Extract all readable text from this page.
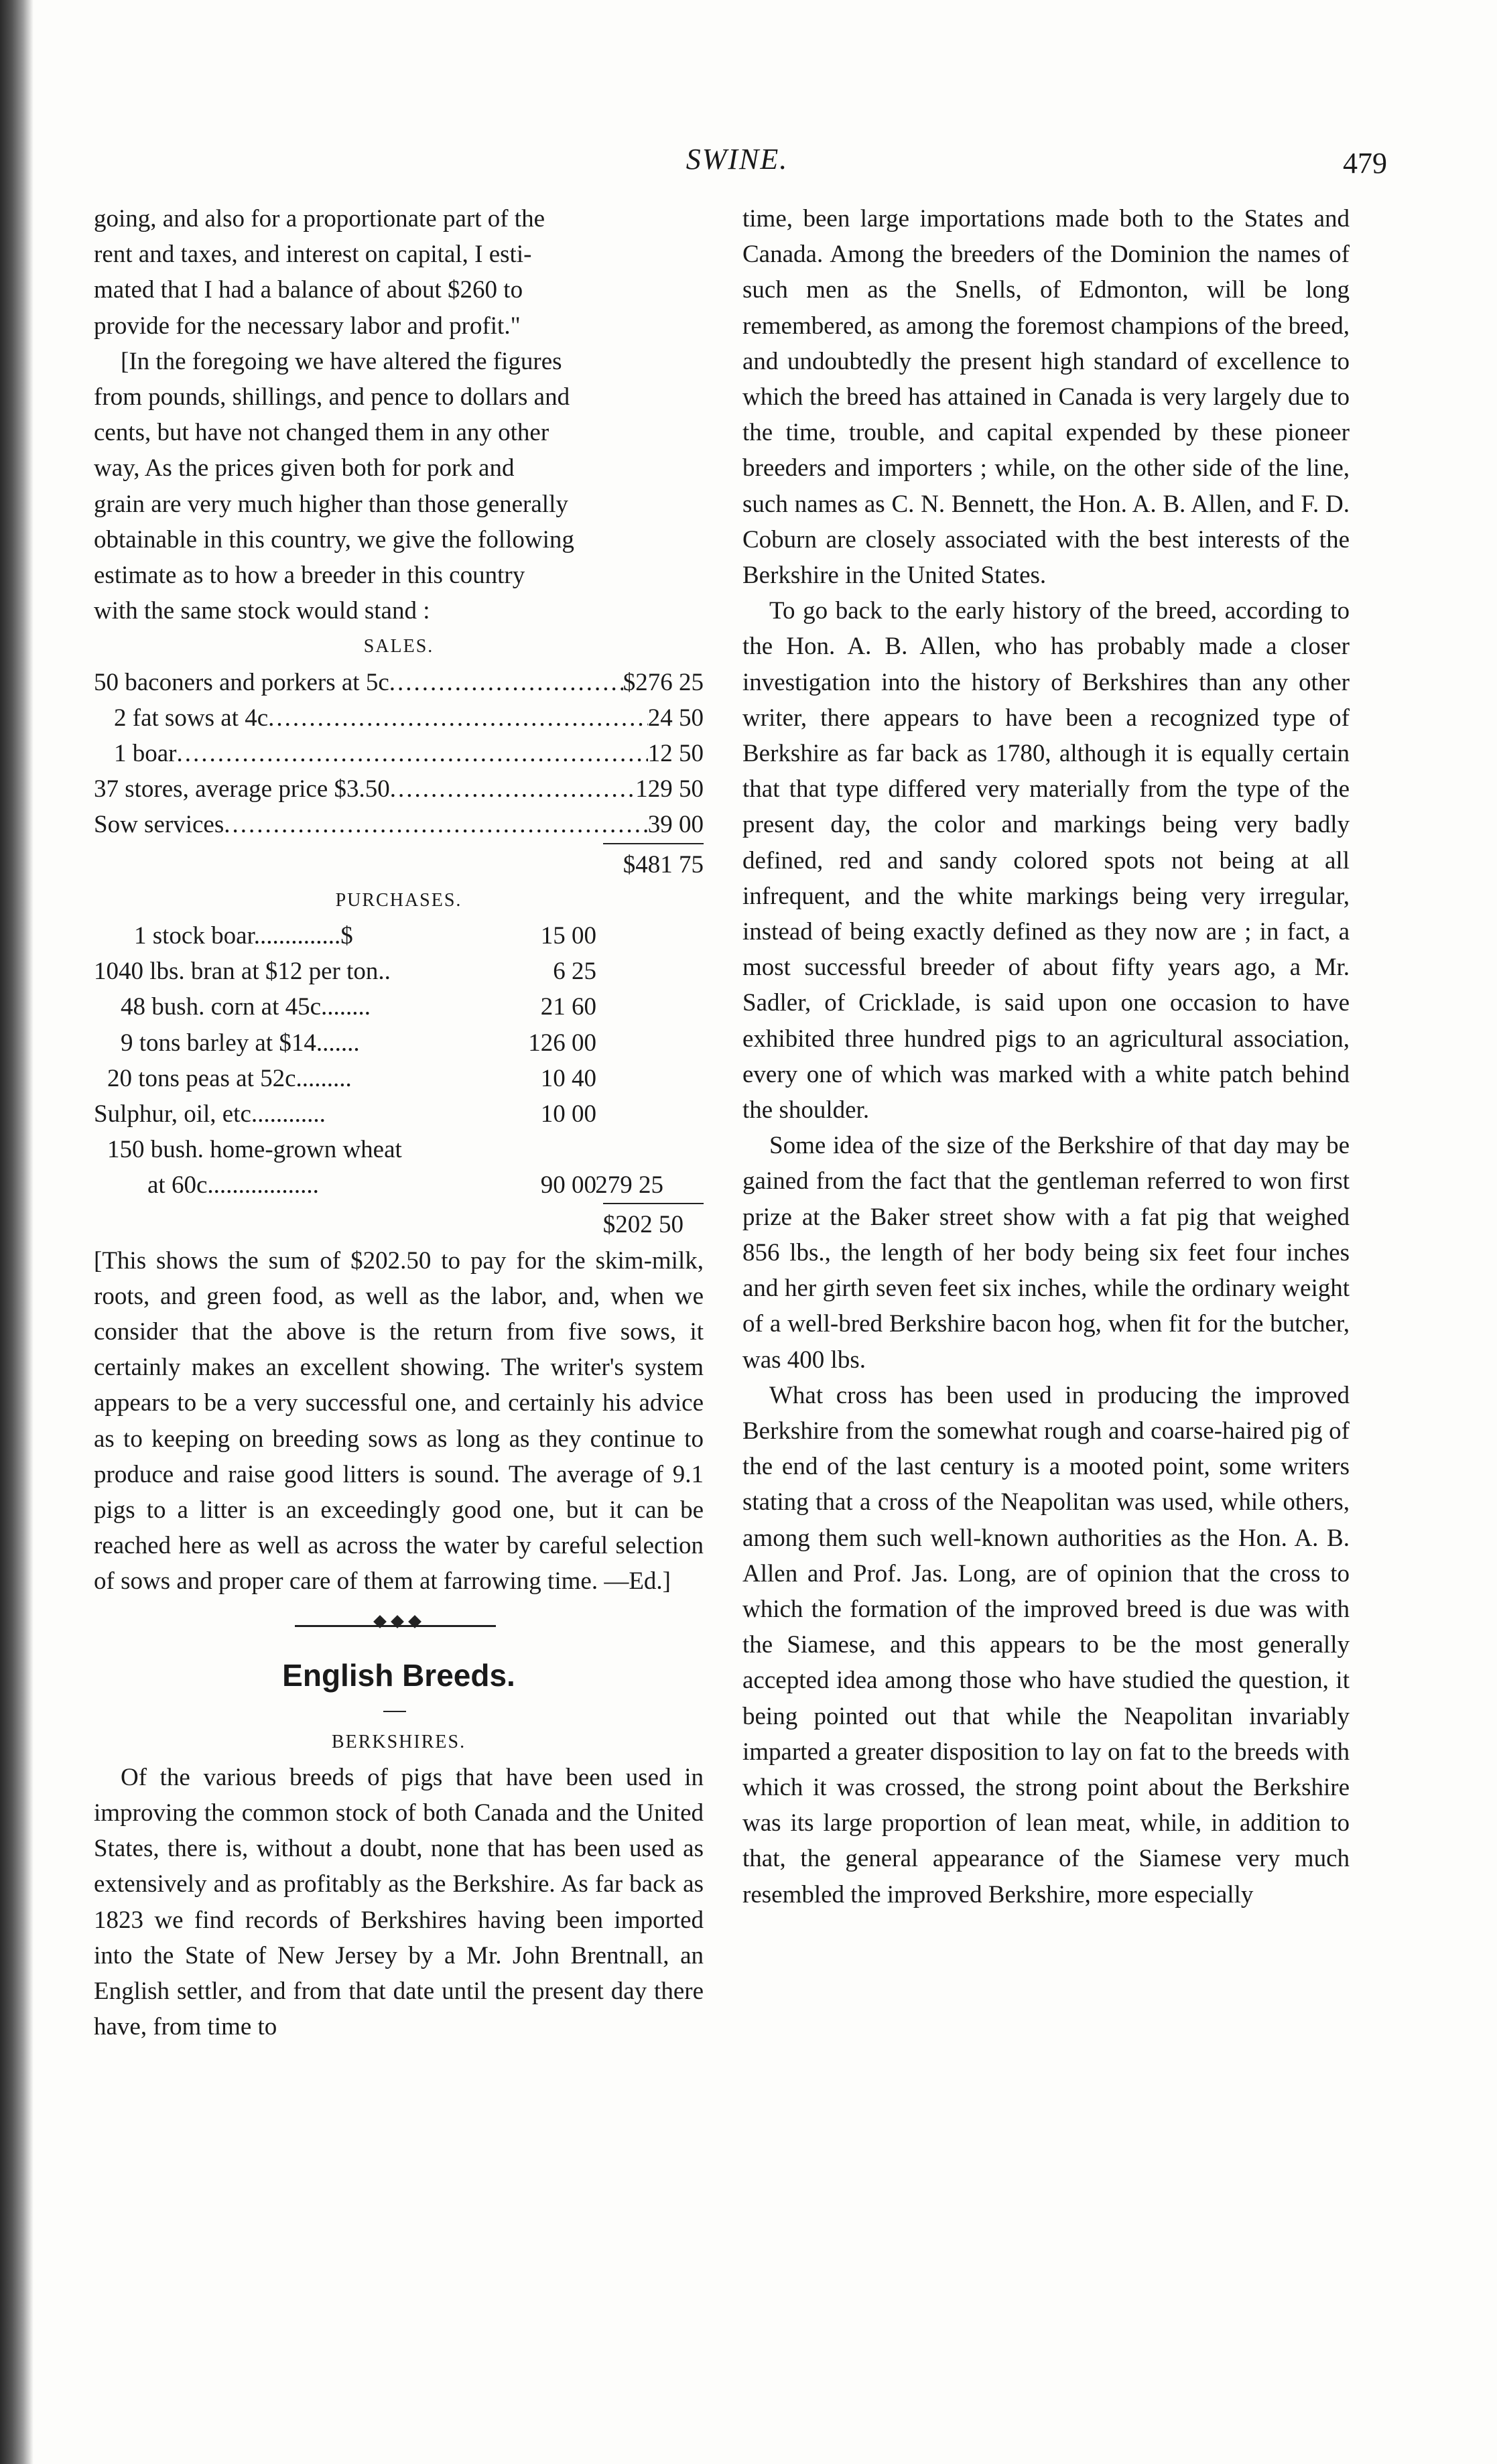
SWINE.	479

going, and also for a proportionate part of the

rent and taxes, and interest on capital, I esti-

mated that I had a balance of about $260 to

provide for the necessary labor and profit."

[In the foregoing we have altered the figures

from pounds, shillings, and pence to dollars and

cents, but have not changed them in any other

way, As the prices given both for pork and

grain are very much higher than those generally

obtainable in this country, we give the following

estimate as to how a breeder in this country

with the same stock would stand :

SALES.
50 baconers and porkers at 5c .....	$276 25
2 fat sows at 4c .....	24 50
1 boar .....	12 50
37 stores, average price $3.50 .....	129 50
Sow services .....	39 00
$481 75
PURCHASES.
1 stock boar..............$	15 00
1040 lbs. bran at $12 per ton..	6 25
48 bush. corn at 45c........	21 60
9 tons barley at $14.......	126 00
20 tons peas at 52c.........	10 40
Sulphur, oil, etc............	10 00
150 bush. home-grown wheat
at 60c..................	90 00
279 25
$202 50

[This shows the sum of $202.50 to pay for the skim-milk, roots, and green food, as well as the labor, and, when we consider that the above is the return from five sows, it certainly makes an excellent showing. The writer's system appears to be a very successful one, and certainly his advice as to keeping on breeding sows as long as they continue to produce and raise good litters is sound. The average of 9.1 pigs to a litter is an exceedingly good one, but it can be reached here as well as across the water by careful selection of sows and proper care of them at farrowing time. —Ed.]

English Breeds.
BERKSHIRES.

Of the various breeds of pigs that have been used in improving the common stock of both Canada and the United States, there is, without a doubt, none that has been used as extensively and as profitably as the Berkshire. As far back as 1823 we find records of Berkshires having been imported into the State of New Jersey by a Mr. John Brentnall, an English settler, and from that date until the present day there have, from time to

time, been large importations made both to the States and Canada. Among the breeders of the Dominion the names of such men as the Snells, of Edmonton, will be long remembered, as among the foremost champions of the breed, and undoubtedly the present high standard of excellence to which the breed has attained in Canada is very largely due to the time, trouble, and capital expended by these pioneer breeders and importers ; while, on the other side of the line, such names as C. N. Bennett, the Hon. A. B. Allen, and F. D. Coburn are closely associated with the best interests of the Berkshire in the United States.

To go back to the early history of the breed, according to the Hon. A. B. Allen, who has probably made a closer investigation into the history of Berkshires than any other writer, there appears to have been a recognized type of Berkshire as far back as 1780, although it is equally certain that that type differed very materially from the type of the present day, the color and markings being very badly defined, red and sandy colored spots not being at all infrequent, and the white markings being very irregular, instead of being exactly defined as they now are ; in fact, a most successful breeder of about fifty years ago, a Mr. Sadler, of Cricklade, is said upon one occasion to have exhibited three hundred pigs to an agricultural association, every one of which was marked with a white patch behind the shoulder.

Some idea of the size of the Berkshire of that day may be gained from the fact that the gentleman referred to won first prize at the Baker street show with a fat pig that weighed 856 lbs., the length of her body being six feet four inches and her girth seven feet six inches, while the ordinary weight of a well-bred Berkshire bacon hog, when fit for the butcher, was 400 lbs.

What cross has been used in producing the improved Berkshire from the somewhat rough and coarse-haired pig of the end of the last century is a mooted point, some writers stating that a cross of the Neapolitan was used, while others, among them such well-known authorities as the Hon. A. B. Allen and Prof. Jas. Long, are of opinion that the cross to which the formation of the improved breed is due was with the Siamese, and this appears to be the most generally accepted idea among those who have studied the question, it being pointed out that while the Neapolitan invariably imparted a greater disposition to lay on fat to the breeds with which it was crossed, the strong point about the Berkshire was its large proportion of lean meat, while, in addition to that, the general appearance of the Siamese very much resembled the improved Berkshire, more especially
